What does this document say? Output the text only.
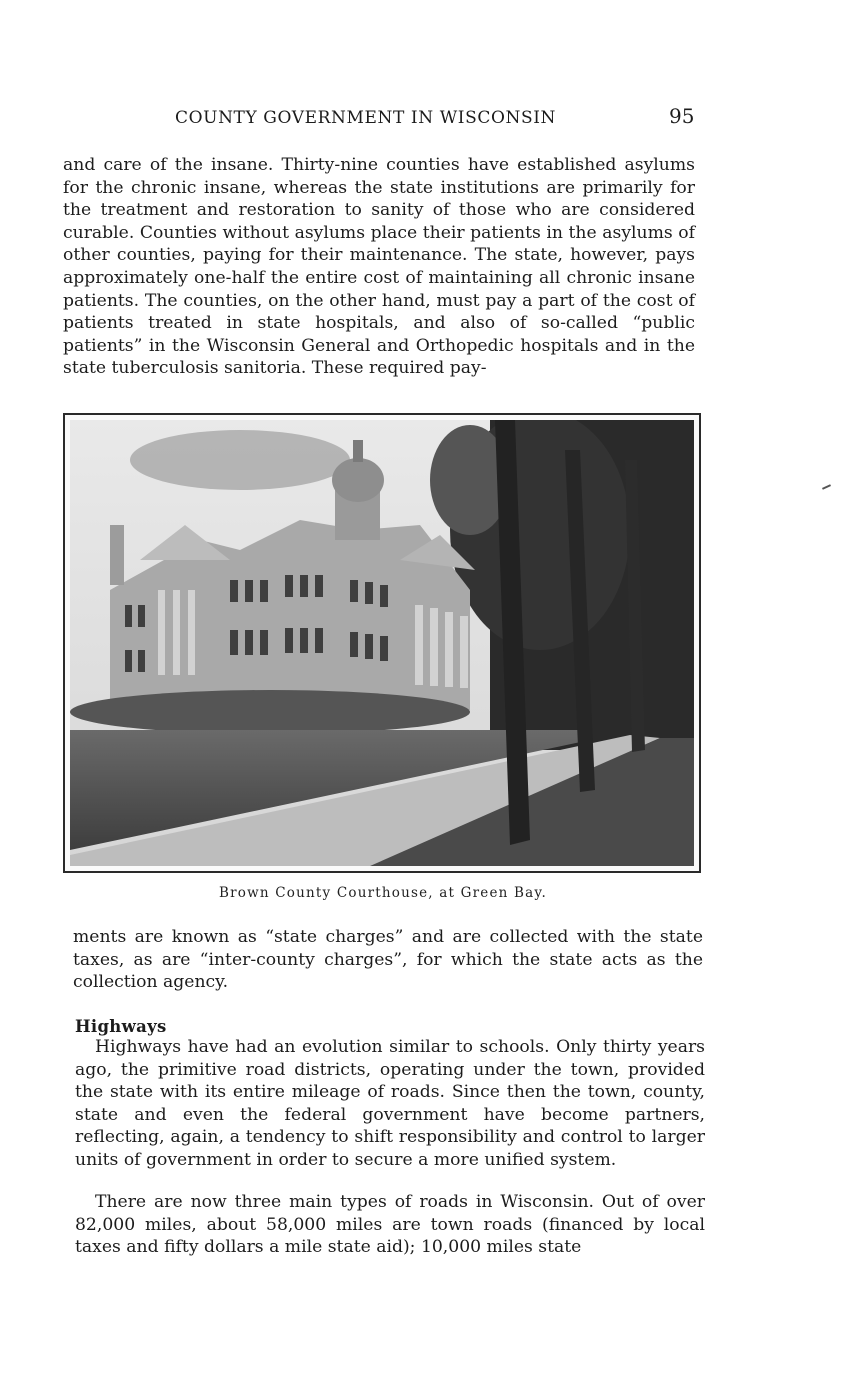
COUNTY GOVERNMENT IN WISCONSIN	95

and care of the insane. Thirty-nine counties have established asylums for the chronic insane, whereas the state institutions are primarily for the treatment and restoration to sanity of those who are considered curable. Counties without asylums place their patients in the asylums of other counties, paying for their maintenance. The state, however, pays approximately one-half the entire cost of maintaining all chronic insane patients. The counties, on the other hand, must pay a part of the cost of patients treated in state hospitals, and also of so-called “public patients” in the Wisconsin General and Orthopedic hospitals and in the state tuberculosis sanitoria. These required pay-

Brown County Courthouse, at Green Bay.

ments are known as “state charges” and are collected with the state taxes, as are “inter-county charges”, for which the state acts as the collection agency.

Highways

Highways have had an evolution similar to schools. Only thirty years ago, the primitive road districts, operating under the town, provided the state with its entire mileage of roads. Since then the town, county, state and even the federal government have become partners, reflecting, again, a tendency to shift responsibility and control to larger units of government in order to secure a more unified system.

There are now three main types of roads in Wisconsin. Out of over 82,000 miles, about 58,000 miles are town roads (financed by local taxes and fifty dollars a mile state aid); 10,000 miles state
